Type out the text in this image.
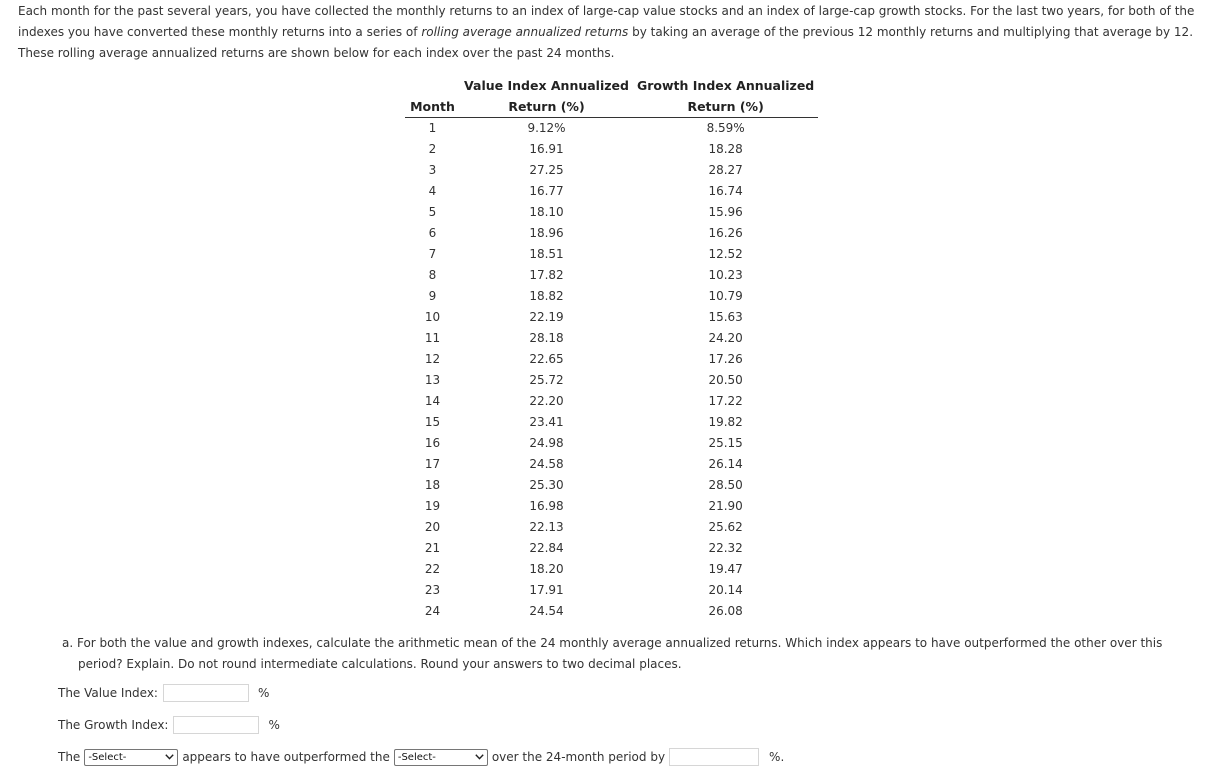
Each month for the past several years, you have collected the monthly returns to an index of large-cap value stocks and an index of large-cap growth stocks. For the last two years, for both of the indexes you have converted these monthly returns into a series of rolling average annualized returns by taking an average of the previous 12 monthly returns and multiplying that average by 12. These rolling average annualized returns are shown below for each index over the past 24 months.

	Value Index Annualized	Growth Index Annualized
Month	Return (%)	Return (%)
1	9.12%	8.59%
2	16.91	18.28
3	27.25	28.27
4	16.77	16.74
5	18.10	15.96
6	18.96	16.26
7	18.51	12.52
8	17.82	10.23
9	18.82	10.79
10	22.19	15.63
11	28.18	24.20
12	22.65	17.26
13	25.72	20.50
14	22.20	17.22
15	23.41	19.82
16	24.98	25.15
17	24.58	26.14
18	25.30	28.50
19	16.98	21.90
20	22.13	25.62
21	22.84	22.32
22	18.20	19.47
23	17.91	20.14
24	24.54	26.08

a. For both the value and growth indexes, calculate the arithmetic mean of the 24 monthly average annualized returns. Which index appears to have outperformed the other over this period? Explain. Do not round intermediate calculations. Round your answers to two decimal places.

The Value Index:	%
The Growth Index:	%
The -Select-	appears to have outperformed the -Select-	over the 24-month period by	%.
